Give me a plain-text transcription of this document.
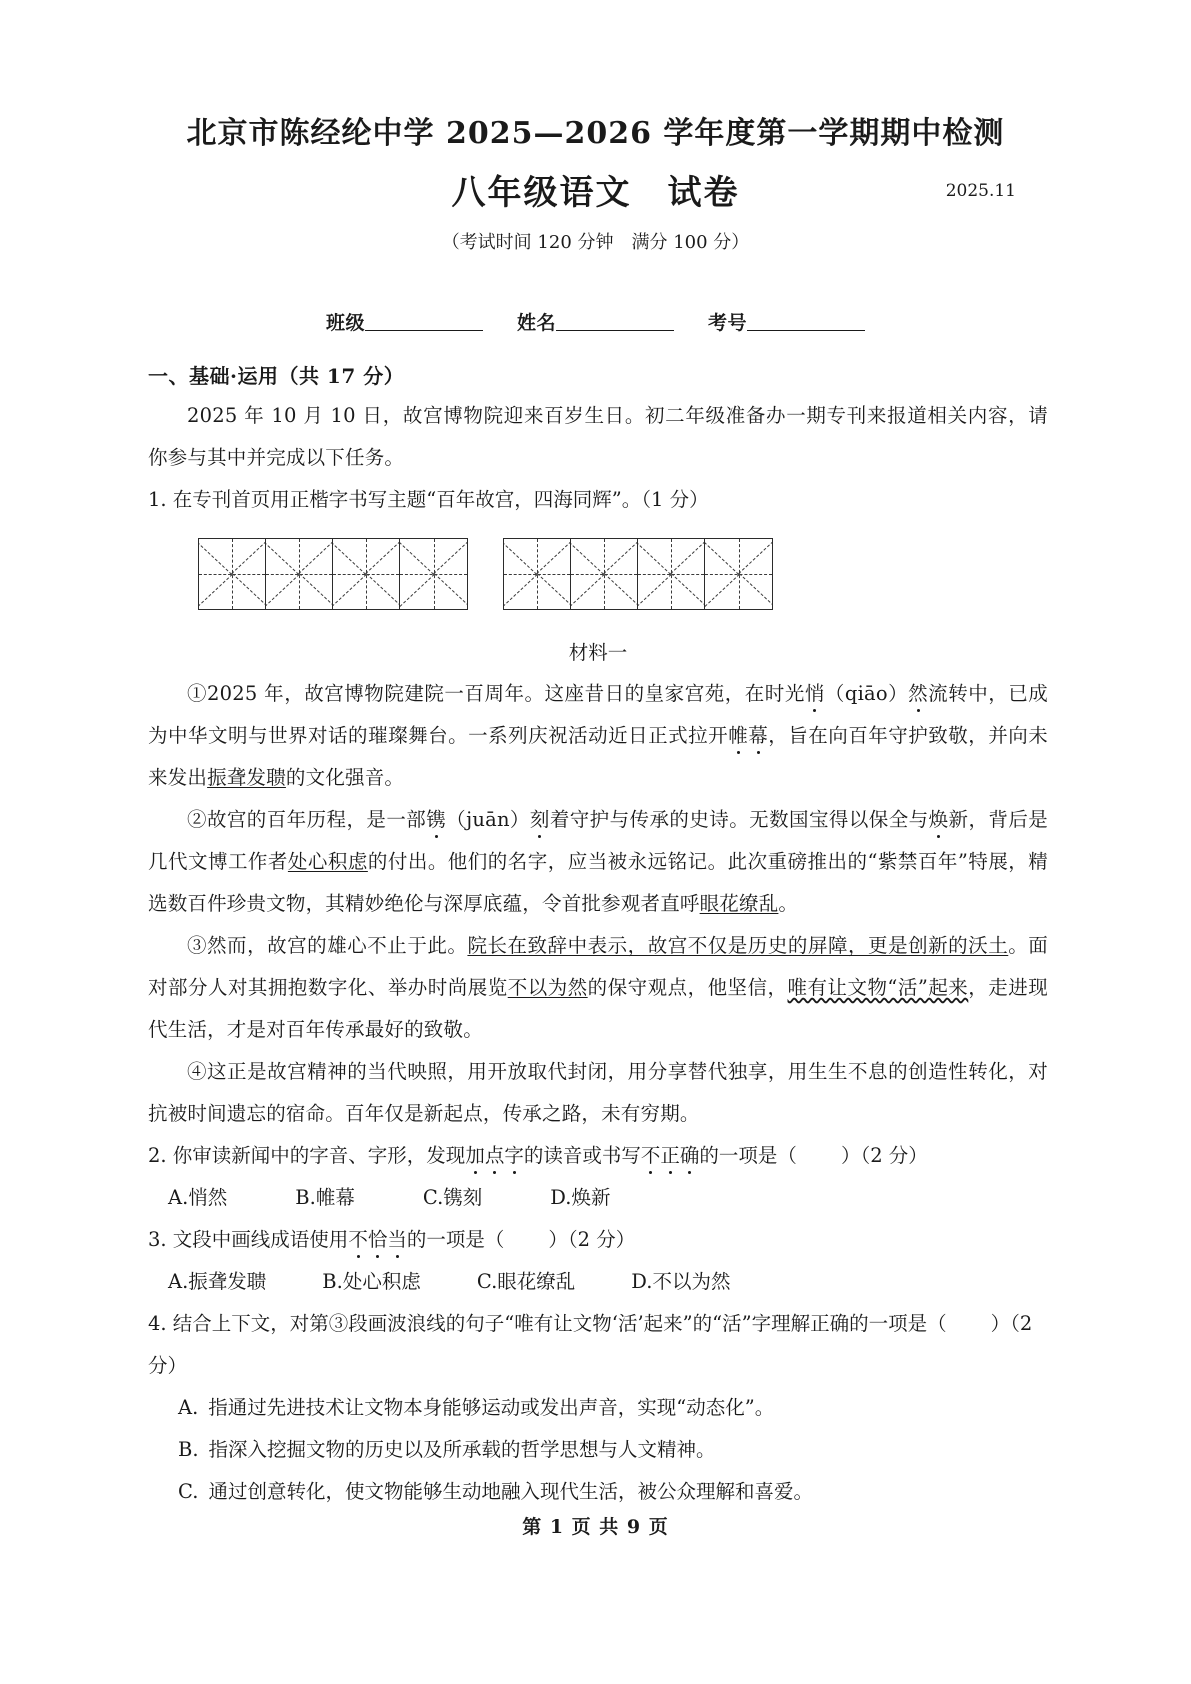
北京市陈经纶中学 2025—2026 学年度第一学期期中检测
八年级语文　试卷	2025.11
（考试时间 120 分钟　满分 100 分）
班级	姓名	考号
一、基础·运用（共 17 分）

2025 年 10 月 10 日，故宫博物院迎来百岁生日。初二年级准备办一期专刊来报道相关内容，请你参与其中并完成以下任务。

1. 在专刊首页用正楷字书写主题“百年故宫，四海同辉”。（1 分）

材料一

①2025 年，故宫博物院建院一百周年。这座昔日的皇家宫苑，在时光悄（qiāo）然流转中，已成为中华文明与世界对话的璀璨舞台。一系列庆祝活动近日正式拉开帷幕，旨在向百年守护致敬，并向未来发出振聋发聩的文化强音。

②故宫的百年历程，是一部镌（juān）刻着守护与传承的史诗。无数国宝得以保全与焕新，背后是几代文博工作者处心积虑的付出。他们的名字，应当被永远铭记。此次重磅推出的“紫禁百年”特展，精选数百件珍贵文物，其精妙绝伦与深厚底蕴，令首批参观者直呼眼花缭乱。

③然而，故宫的雄心不止于此。院长在致辞中表示，故宫不仅是历史的屏障，更是创新的沃土。面对部分人对其拥抱数字化、举办时尚展览不以为然的保守观点，他坚信，唯有让文物“活”起来，走进现代生活，才是对百年传承最好的致敬。

④这正是故宫精神的当代映照，用开放取代封闭，用分享替代独享，用生生不息的创造性转化，对抗被时间遗忘的宿命。百年仅是新起点，传承之路，未有穷期。

2. 你审读新闻中的字音、字形，发现加点字的读音或书写不正确的一项是（ ）（2 分）

A.悄然	B.帷幕	C.镌刻	D.焕新

3. 文段中画线成语使用不恰当的一项是（ ）（2 分）

A.振聋发聩	B.处心积虑	C.眼花缭乱	D.不以为然

4. 结合上下文，对第③段画波浪线的句子“唯有让文物‘活’起来”的“活”字理解正确的一项是（ ）（2 分）

A. 指通过先进技术让文物本身能够运动或发出声音，实现“动态化”。

B. 指深入挖掘文物的历史以及所承载的哲学思想与人文精神。

C. 通过创意转化，使文物能够生动地融入现代生活，被公众理解和喜爱。

第 1 页 共 9 页
